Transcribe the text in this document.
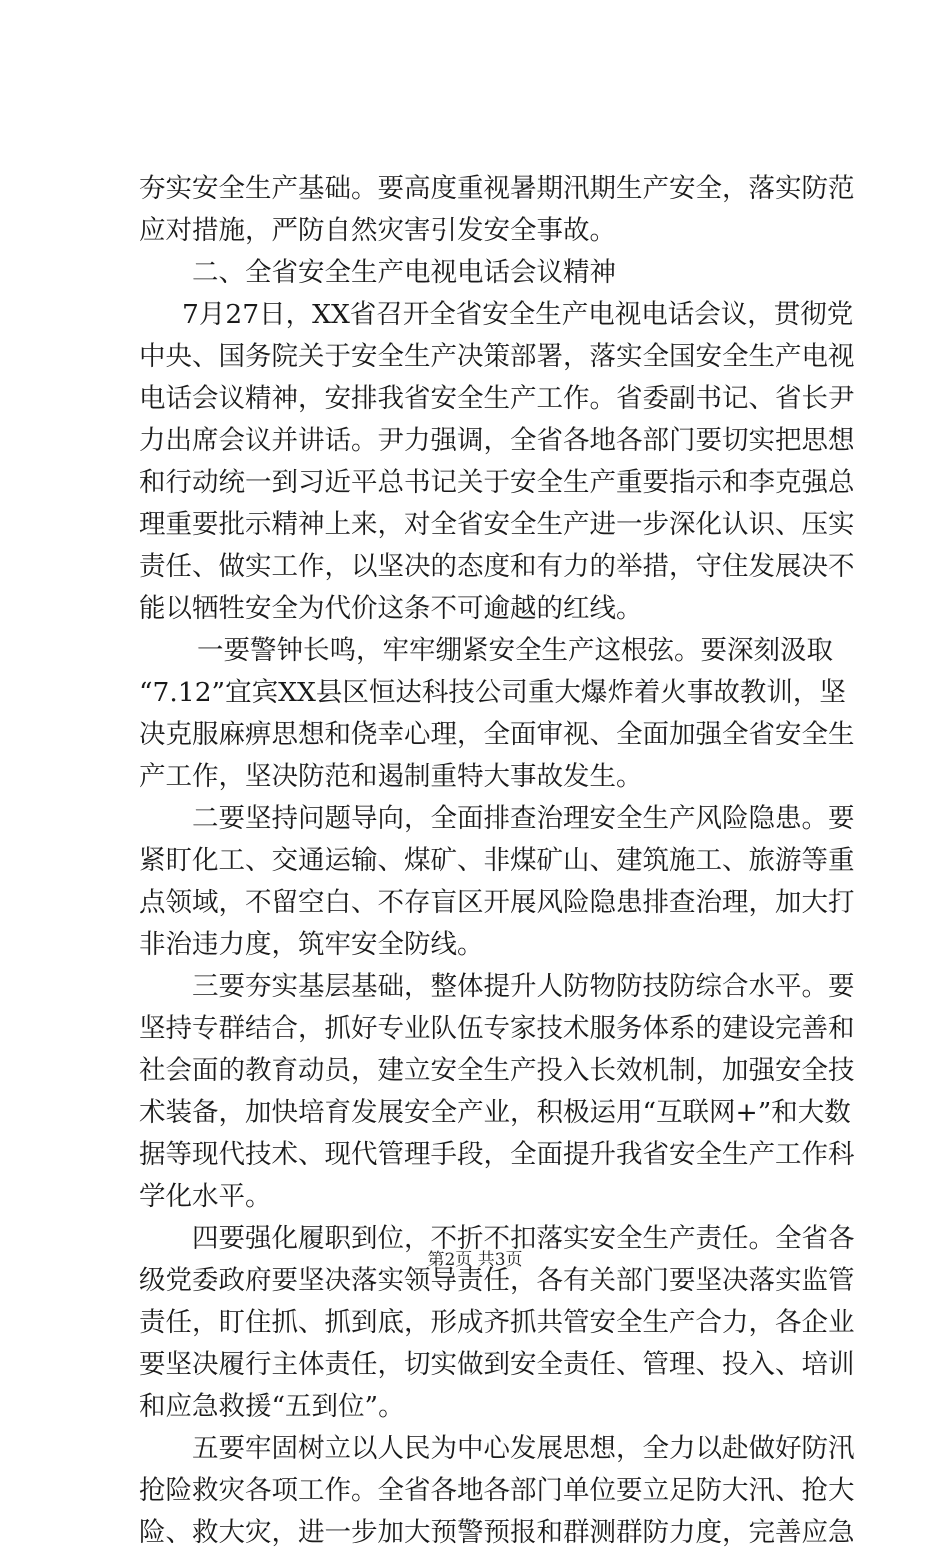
夯实安全生产基础。要高度重视暑期汛期生产安全，落实防范
应对措施，严防自然灾害引发安全事故。
二、全省安全生产电视电话会议精神
7月27日，XX省召开全省安全生产电视电话会议，贯彻党
中央、国务院关于安全生产决策部署，落实全国安全生产电视
电话会议精神，安排我省安全生产工作。省委副书记、省长尹
力出席会议并讲话。尹力强调，全省各地各部门要切实把思想
和行动统一到习近平总书记关于安全生产重要指示和李克强总
理重要批示精神上来，对全省安全生产进一步深化认识、压实
责任、做实工作，以坚决的态度和有力的举措，守住发展决不
能以牺牲安全为代价这条不可逾越的红线。
一要警钟长鸣，牢牢绷紧安全生产这根弦。要深刻汲取
“7.12”宜宾XX县区恒达科技公司重大爆炸着火事故教训，坚
决克服麻痹思想和侥幸心理，全面审视、全面加强全省安全生
产工作，坚决防范和遏制重特大事故发生。
二要坚持问题导向，全面排查治理安全生产风险隐患。要
紧盯化工、交通运输、煤矿、非煤矿山、建筑施工、旅游等重
点领域，不留空白、不存盲区开展风险隐患排查治理，加大打
非治违力度，筑牢安全防线。
三要夯实基层基础，整体提升人防物防技防综合水平。要
坚持专群结合，抓好专业队伍专家技术服务体系的建设完善和
社会面的教育动员，建立安全生产投入长效机制，加强安全技
术装备，加快培育发展安全产业，积极运用“互联网+”和大数
据等现代技术、现代管理手段，全面提升我省安全生产工作科
学化水平。
四要强化履职到位，不折不扣落实安全生产责任。全省各
级党委政府要坚决落实领导责任，各有关部门要坚决落实监管
责任，盯住抓、抓到底，形成齐抓共管安全生产合力，各企业
要坚决履行主体责任，切实做到安全责任、管理、投入、培训
和应急救援“五到位”。
五要牢固树立以人民为中心发展思想，全力以赴做好防汛
抢险救灾各项工作。全省各地各部门单位要立足防大汛、抢大
险、救大灾，进一步加大预警预报和群测群防力度，完善应急
第2页 共3页
